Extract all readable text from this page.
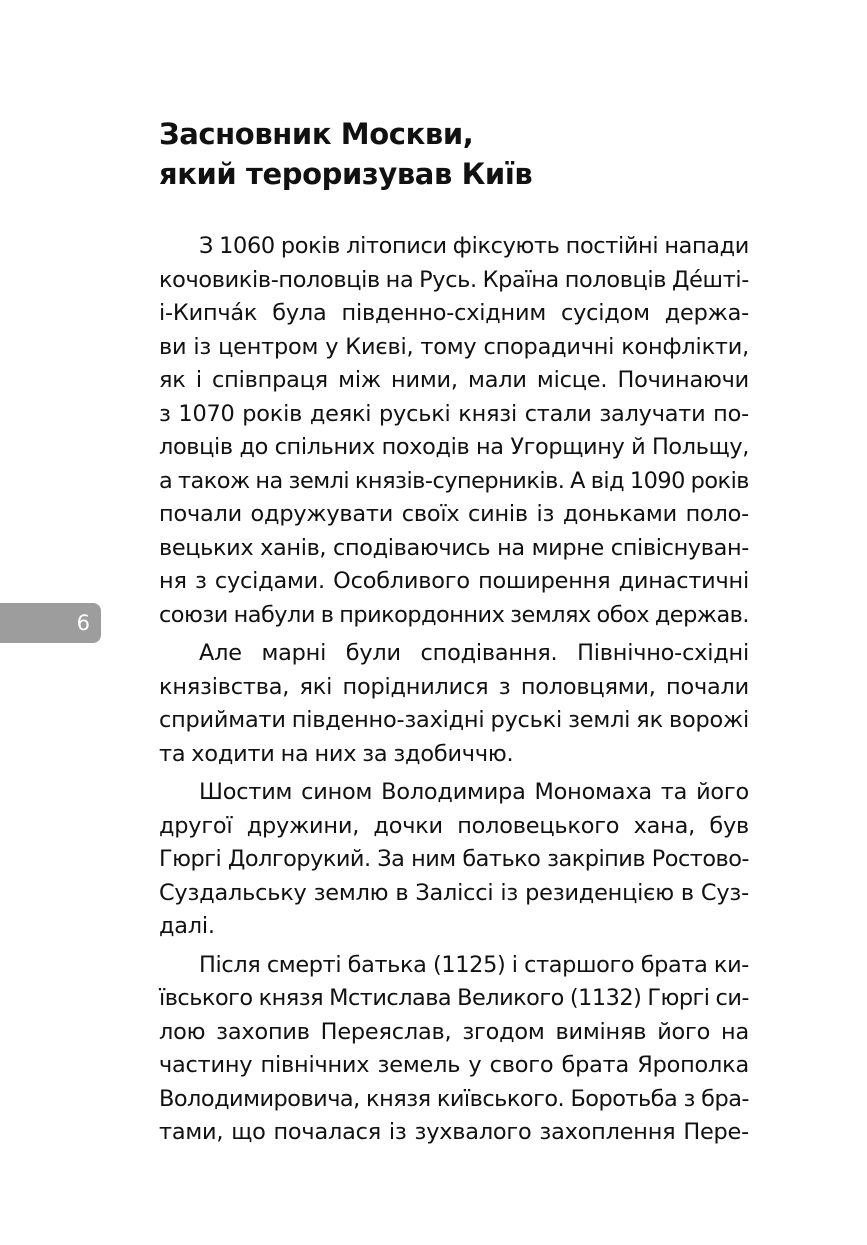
Засновник Москви,
який тероризував Київ

З 1060 років літописи фіксують постійні напади
кочовиків-половців на Русь. Країна половців Дéшті-
і-Кипчáк була південно-східним сусідом держа-
ви із центром у Києві, тому спорадичні конфлікти,
як і співпраця між ними, мали місце. Починаючи
з 1070 років деякі руські князі стали залучати по-
ловців до спільних походів на Угорщину й Польщу,
а також на землі князів-суперників. А від 1090 років
почали одружувати своїх синів із доньками поло-
вецьких ханів, сподіваючись на мирне співіснуван-
ня з сусідами. Особливого поширення династичні
союзи набули в прикордонних землях обох держав.

Але марні були сподівання. Північно-східні
князівства, які поріднилися з половцями, почали
сприймати південно-західні руські землі як ворожі
та ходити на них за здобиччю.

Шостим сином Володимира Мономаха та його
другої дружини, дочки половецького хана, був
Гюргі Долгорукий. За ним батько закріпив Ростово-
Суздальську землю в Заліссі із резиденцією в Суз-
далі.

Після смерті батька (1125) і старшого брата ки-
ївського князя Мстислава Великого (1132) Гюргі си-
лою захопив Переяслав, згодом виміняв його на
частину північних земель у свого брата Ярополка
Володимировича, князя київського. Боротьба з бра-
тами, що почалася із зухвалого захоплення Пере-

6
